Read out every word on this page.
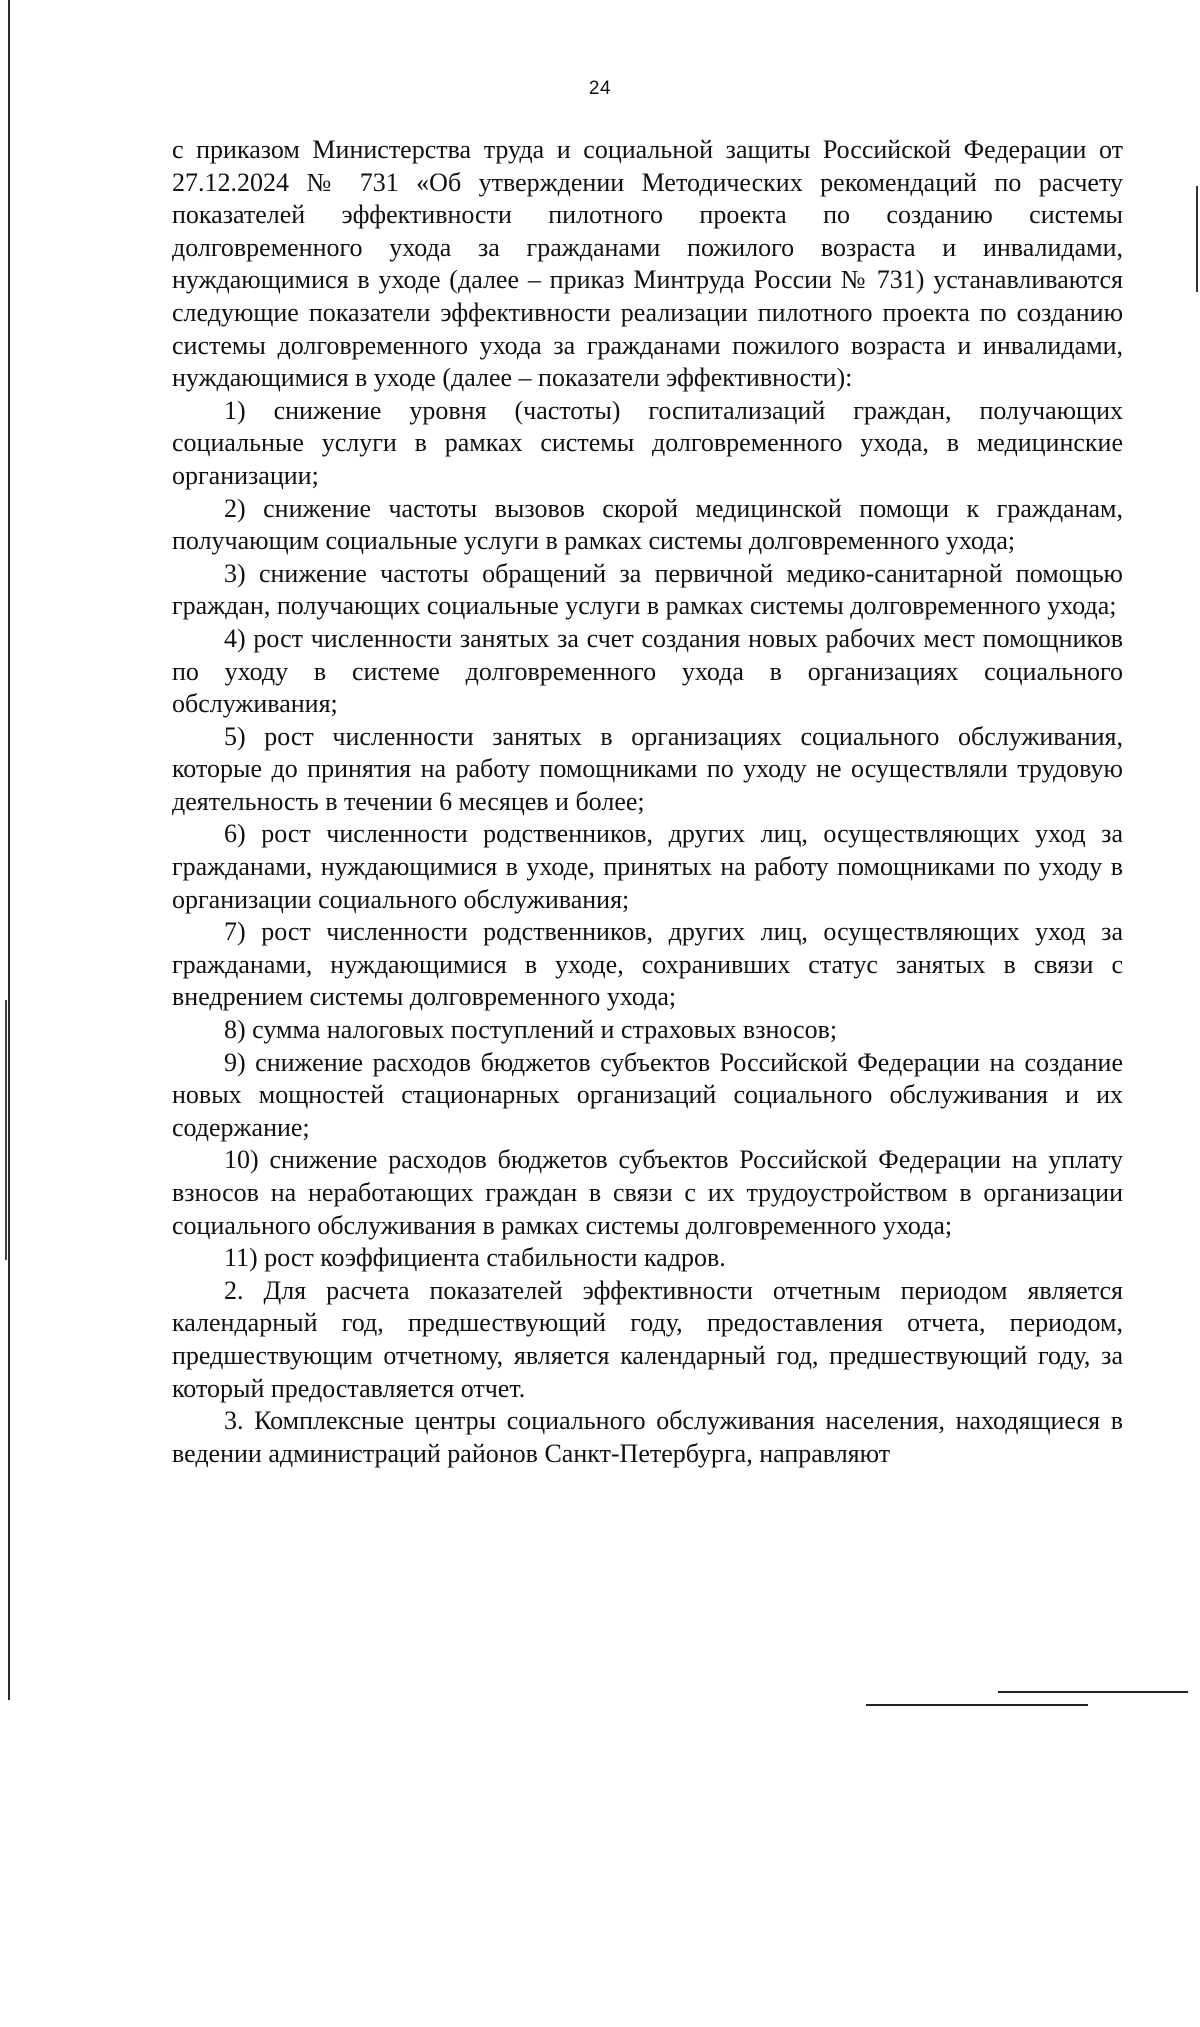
24

с приказом Министерства труда и социальной защиты Российской Федерации от 27.12.2024 № 731 «Об утверждении Методических рекомендаций по расчету показателей эффективности пилотного проекта по созданию системы долговременного ухода за гражданами пожилого возраста и инвалидами, нуждающимися в уходе (далее – приказ Минтруда России № 731) устанавливаются следующие показатели эффективности реализации пилотного проекта по созданию системы долговременного ухода за гражданами пожилого возраста и инвалидами, нуждающимися в уходе (далее – показатели эффективности):

1) снижение уровня (частоты) госпитализаций граждан, получающих социальные услуги в рамках системы долговременного ухода, в медицинские организации;

2) снижение частоты вызовов скорой медицинской помощи к гражданам, получающим социальные услуги в рамках системы долговременного ухода;

3) снижение частоты обращений за первичной медико-санитарной помощью граждан, получающих социальные услуги в рамках системы долговременного ухода;

4) рост численности занятых за счет создания новых рабочих мест помощников по уходу в системе долговременного ухода в организациях социального обслуживания;

5) рост численности занятых в организациях социального обслуживания, которые до принятия на работу помощниками по уходу не осуществляли трудовую деятельность в течении 6 месяцев и более;

6) рост численности родственников, других лиц, осуществляющих уход за гражданами, нуждающимися в уходе, принятых на работу помощниками по уходу в организации социального обслуживания;

7) рост численности родственников, других лиц, осуществляющих уход за гражданами, нуждающимися в уходе, сохранивших статус занятых в связи с внедрением системы долговременного ухода;

8) сумма налоговых поступлений и страховых взносов;

9) снижение расходов бюджетов субъектов Российской Федерации на создание новых мощностей стационарных организаций социального обслуживания и их содержание;

10) снижение расходов бюджетов субъектов Российской Федерации на уплату взносов на неработающих граждан в связи с их трудоустройством в организации социального обслуживания в рамках системы долговременного ухода;

11) рост коэффициента стабильности кадров.

2. Для расчета показателей эффективности отчетным периодом является календарный год, предшествующий году, предоставления отчета, периодом, предшествующим отчетному, является календарный год, предшествующий году, за который предоставляется отчет.

3. Комплексные центры социального обслуживания населения, находящиеся в ведении администраций районов Санкт-Петербурга, направляют
